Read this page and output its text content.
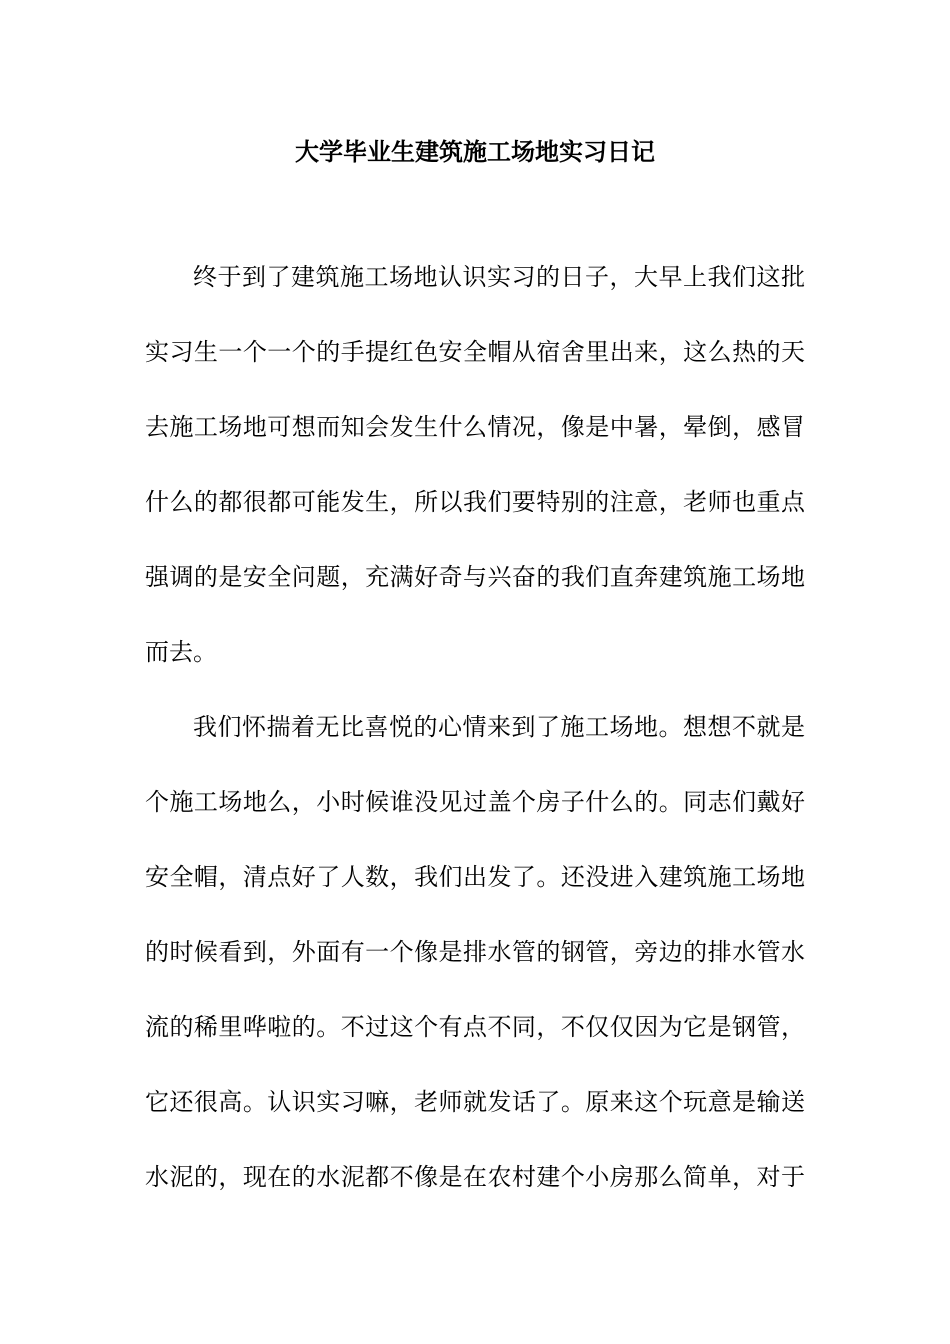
大学毕业生建筑施工场地实习日记
终于到了建筑施工场地认识实习的日子，大早上我们这批
实习生一个一个的手提红色安全帽从宿舍里出来，这么热的天
去施工场地可想而知会发生什么情况，像是中暑，晕倒，感冒
什么的都很都可能发生，所以我们要特别的注意，老师也重点
强调的是安全问题，充满好奇与兴奋的我们直奔建筑施工场地
而去。
我们怀揣着无比喜悦的心情来到了施工场地。想想不就是
个施工场地么，小时候谁没见过盖个房子什么的。同志们戴好
安全帽，清点好了人数，我们出发了。还没进入建筑施工场地
的时候看到，外面有一个像是排水管的钢管，旁边的排水管水
流的稀里哗啦的。不过这个有点不同，不仅仅因为它是钢管，
它还很高。认识实习嘛，老师就发话了。原来这个玩意是输送
水泥的，现在的水泥都不像是在农村建个小房那么简单，对于
